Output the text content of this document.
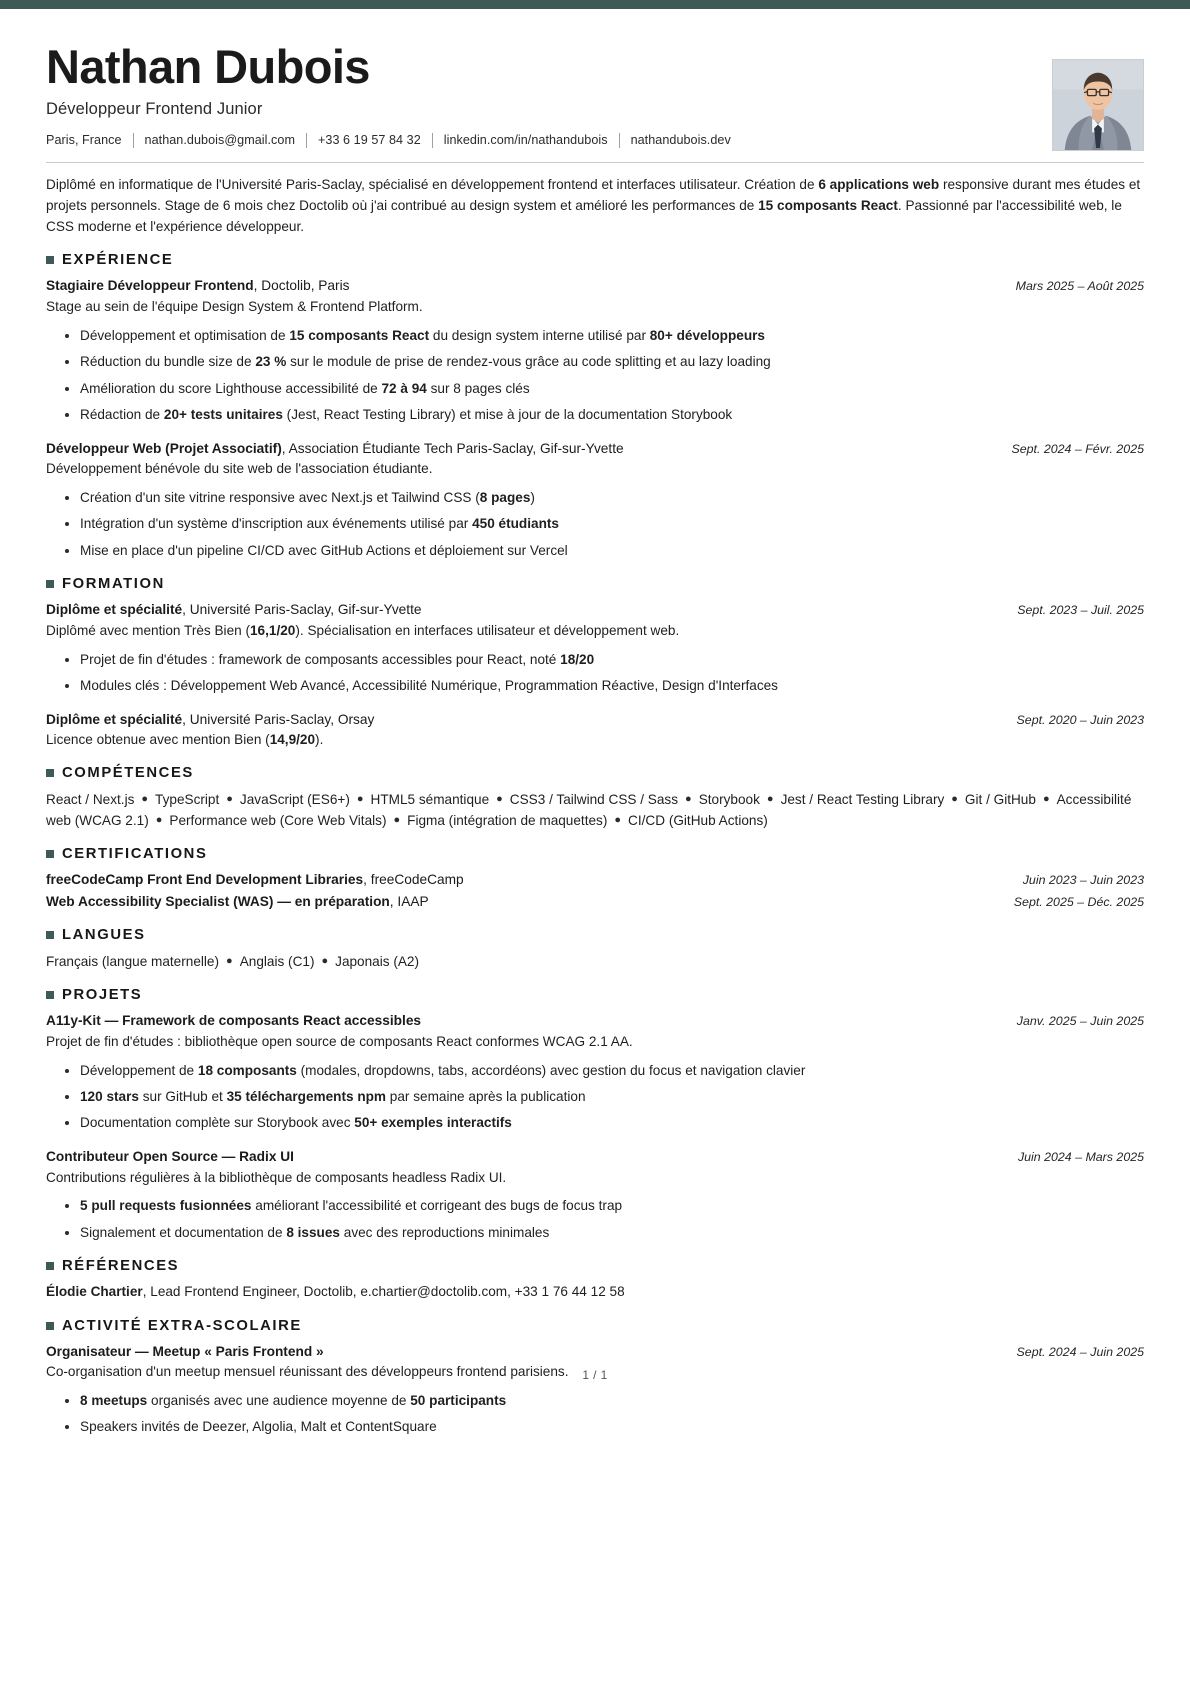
Nathan Dubois
Développeur Frontend Junior
Paris, France nathan.dubois@gmail.com +33 6 19 57 84 32 linkedin.com/in/nathandubois nathandubois.dev
Diplômé en informatique de l'Université Paris-Saclay, spécialisé en développement frontend et interfaces utilisateur. Création de 6 applications web responsive durant mes études et projets personnels. Stage de 6 mois chez Doctolib où j'ai contribué au design system et amélioré les performances de 15 composants React. Passionné par l'accessibilité web, le CSS moderne et l'expérience développeur.
EXPÉRIENCE
Stagiaire Développeur Frontend, Doctolib, Paris	Mars 2025 – Août 2025
Stage au sein de l'équipe Design System & Frontend Platform.
Développement et optimisation de 15 composants React du design system interne utilisé par 80+ développeurs
Réduction du bundle size de 23 % sur le module de prise de rendez-vous grâce au code splitting et au lazy loading
Amélioration du score Lighthouse accessibilité de 72 à 94 sur 8 pages clés
Rédaction de 20+ tests unitaires (Jest, React Testing Library) et mise à jour de la documentation Storybook
Développeur Web (Projet Associatif), Association Étudiante Tech Paris-Saclay, Gif-sur-Yvette	Sept. 2024 – Févr. 2025
Développement bénévole du site web de l'association étudiante.
Création d'un site vitrine responsive avec Next.js et Tailwind CSS (8 pages)
Intégration d'un système d'inscription aux événements utilisé par 450 étudiants
Mise en place d'un pipeline CI/CD avec GitHub Actions et déploiement sur Vercel
FORMATION
Diplôme et spécialité, Université Paris-Saclay, Gif-sur-Yvette	Sept. 2023 – Juil. 2025
Diplômé avec mention Très Bien (16,1/20). Spécialisation en interfaces utilisateur et développement web.
Projet de fin d'études : framework de composants accessibles pour React, noté 18/20
Modules clés : Développement Web Avancé, Accessibilité Numérique, Programmation Réactive, Design d'Interfaces
Diplôme et spécialité, Université Paris-Saclay, Orsay	Sept. 2020 – Juin 2023
Licence obtenue avec mention Bien (14,9/20).
COMPÉTENCES
React / Next.js ● TypeScript ● JavaScript (ES6+) ● HTML5 sémantique ● CSS3 / Tailwind CSS / Sass ● Storybook ● Jest / React Testing Library ● Git / GitHub ● Accessibilité web (WCAG 2.1) ● Performance web (Core Web Vitals) ● Figma (intégration de maquettes) ● CI/CD (GitHub Actions)
CERTIFICATIONS
freeCodeCamp Front End Development Libraries, freeCodeCamp	Juin 2023 – Juin 2023
Web Accessibility Specialist (WAS) — en préparation, IAAP	Sept. 2025 – Déc. 2025
LANGUES
Français (langue maternelle) ● Anglais (C1) ● Japonais (A2)
PROJETS
A11y-Kit — Framework de composants React accessibles	Janv. 2025 – Juin 2025
Projet de fin d'études : bibliothèque open source de composants React conformes WCAG 2.1 AA.
Développement de 18 composants (modales, dropdowns, tabs, accordéons) avec gestion du focus et navigation clavier
120 stars sur GitHub et 35 téléchargements npm par semaine après la publication
Documentation complète sur Storybook avec 50+ exemples interactifs
Contributeur Open Source — Radix UI	Juin 2024 – Mars 2025
Contributions régulières à la bibliothèque de composants headless Radix UI.
5 pull requests fusionnées améliorant l'accessibilité et corrigeant des bugs de focus trap
Signalement et documentation de 8 issues avec des reproductions minimales
RÉFÉRENCES
Élodie Chartier, Lead Frontend Engineer, Doctolib, e.chartier@doctolib.com, +33 1 76 44 12 58
ACTIVITÉ EXTRA-SCOLAIRE
Organisateur — Meetup « Paris Frontend »	Sept. 2024 – Juin 2025
Co-organisation d'un meetup mensuel réunissant des développeurs frontend parisiens.
8 meetups organisés avec une audience moyenne de 50 participants
Speakers invités de Deezer, Algolia, Malt et ContentSquare
1 / 1
